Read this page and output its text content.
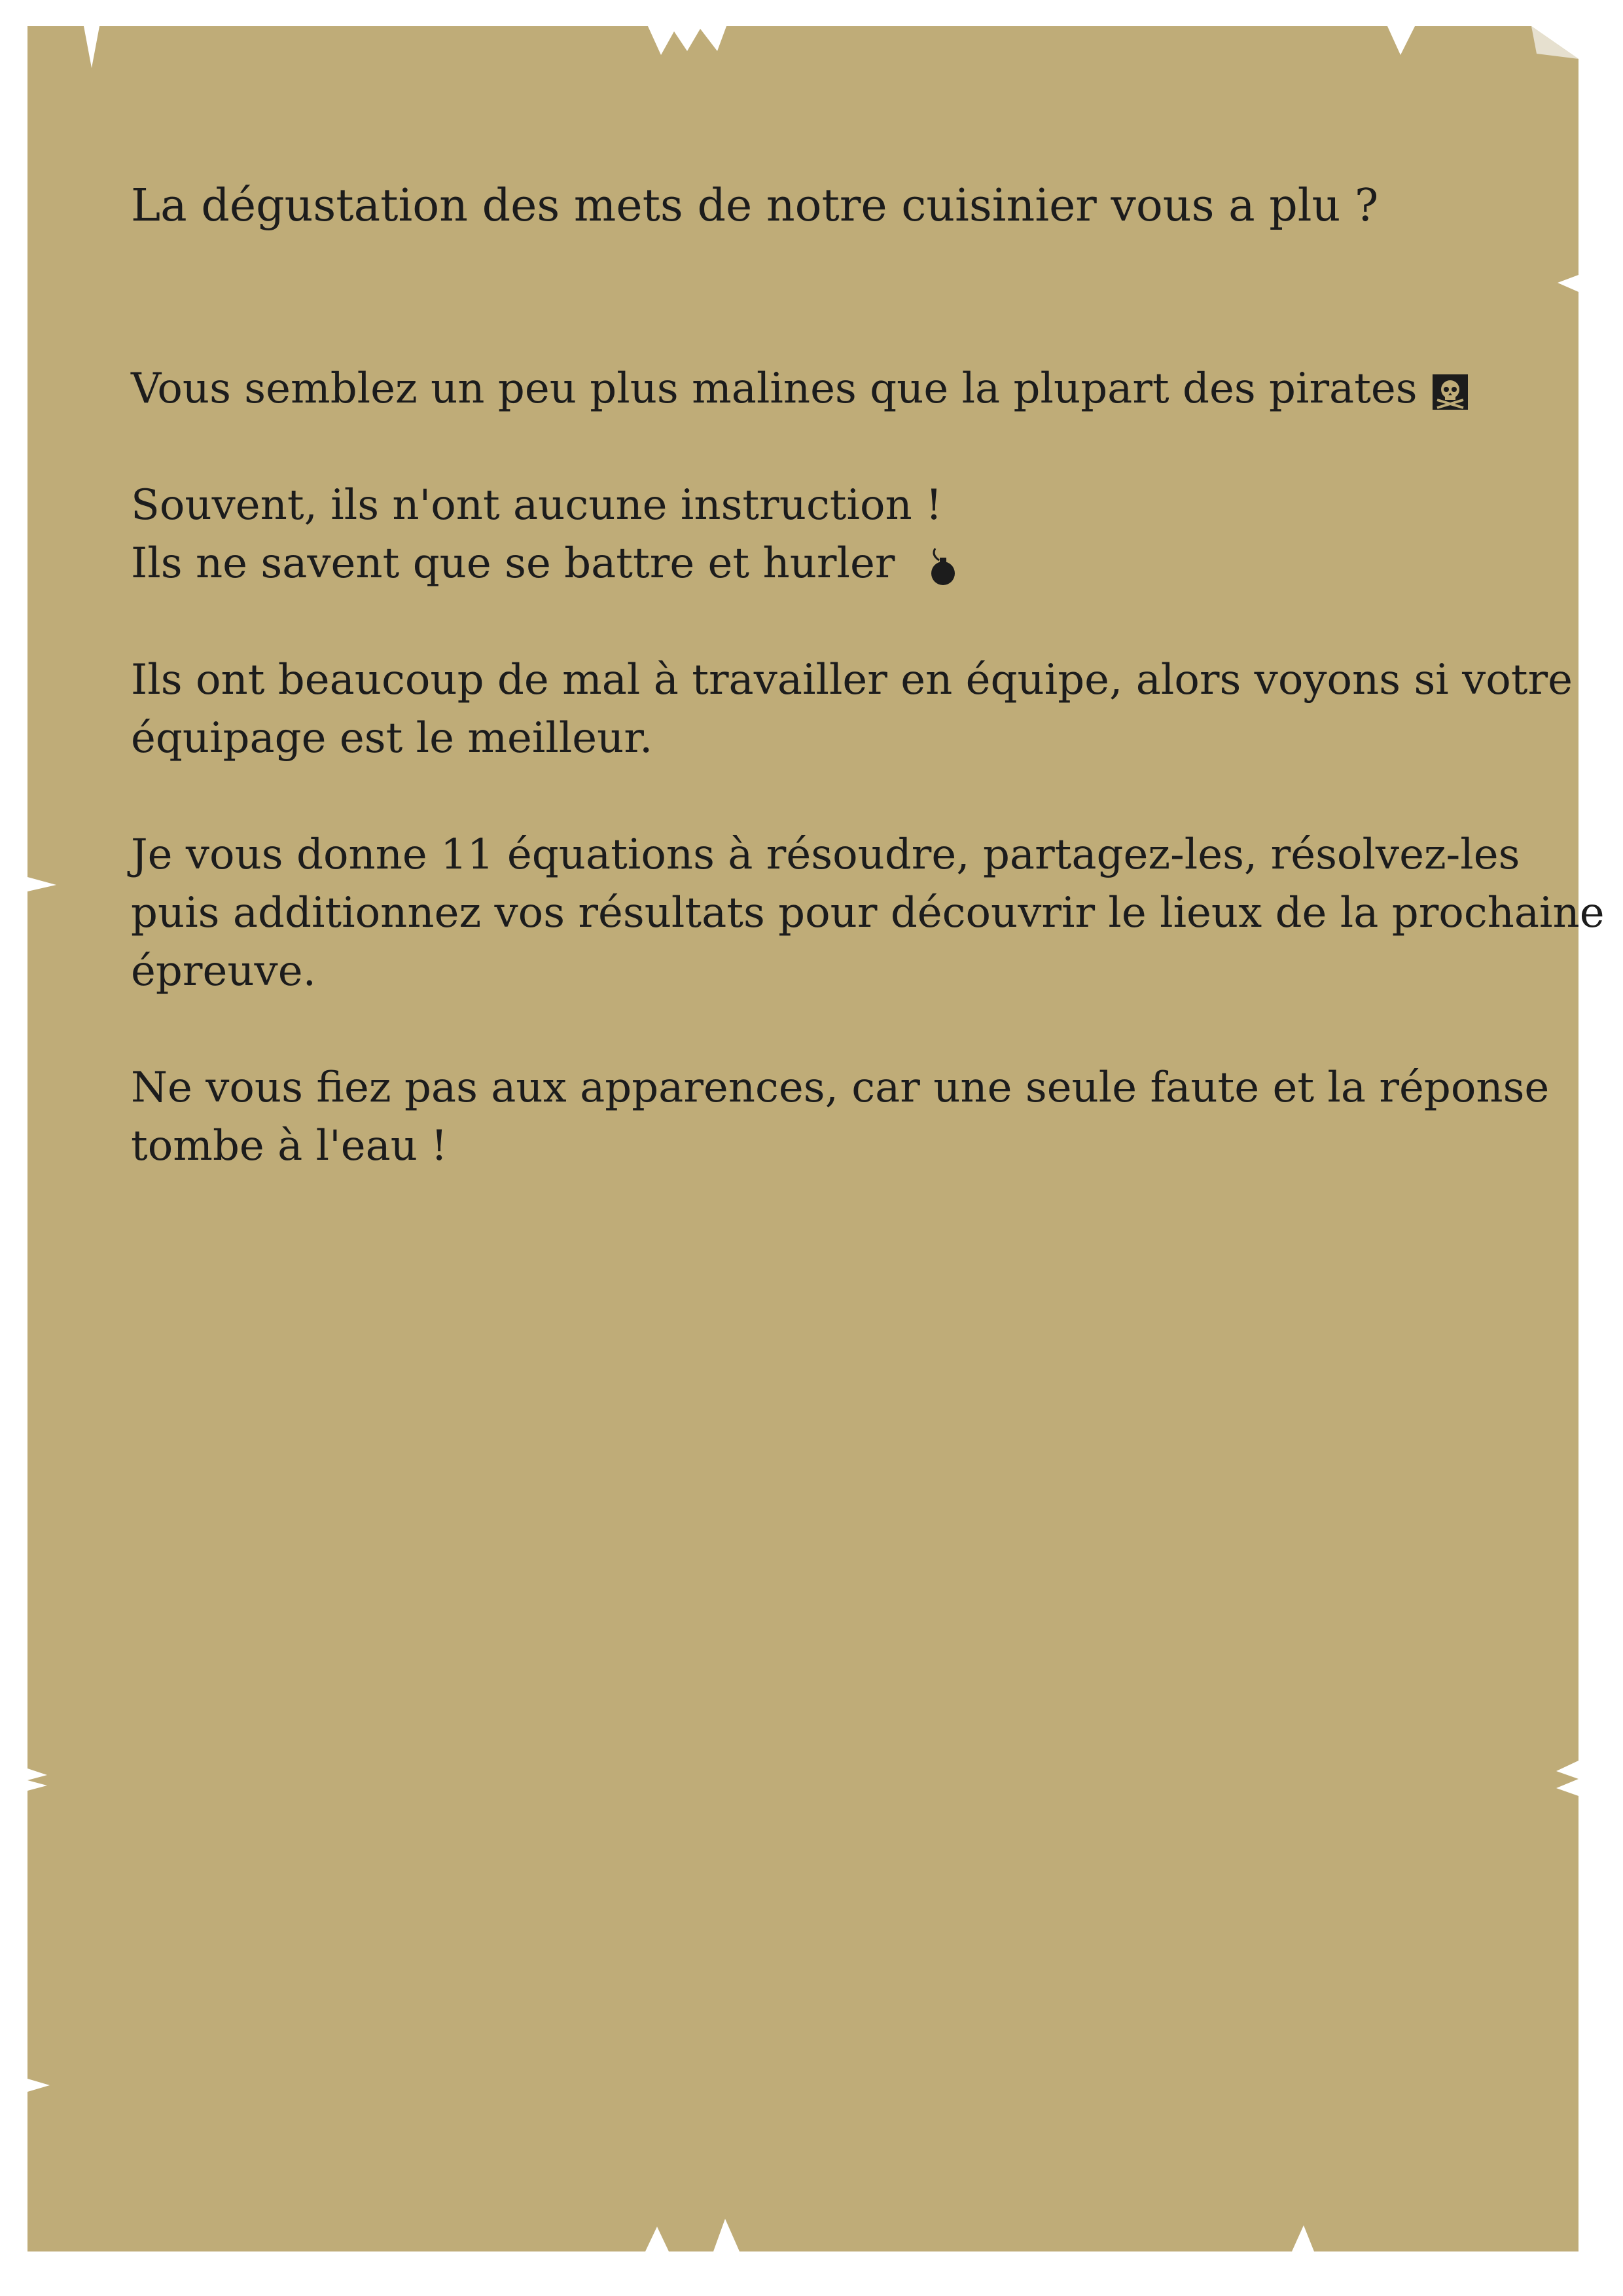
La dégustation des mets de notre cuisinier vous a plu ?

Vous semblez un peu plus malines que la plupart des pirates

Souvent, ils n'ont aucune instruction !
Ils ne savent que se battre et hurler

Ils ont beaucoup de mal à travailler en équipe, alors voyons si votre
équipage est le meilleur.

Je vous donne 11 équations à résoudre, partagez-les, résolvez-les
puis additionnez vos résultats pour découvrir le lieux de la prochaine
épreuve.

Ne vous fiez pas aux apparences, car une seule faute et la réponse
tombe à l'eau !
